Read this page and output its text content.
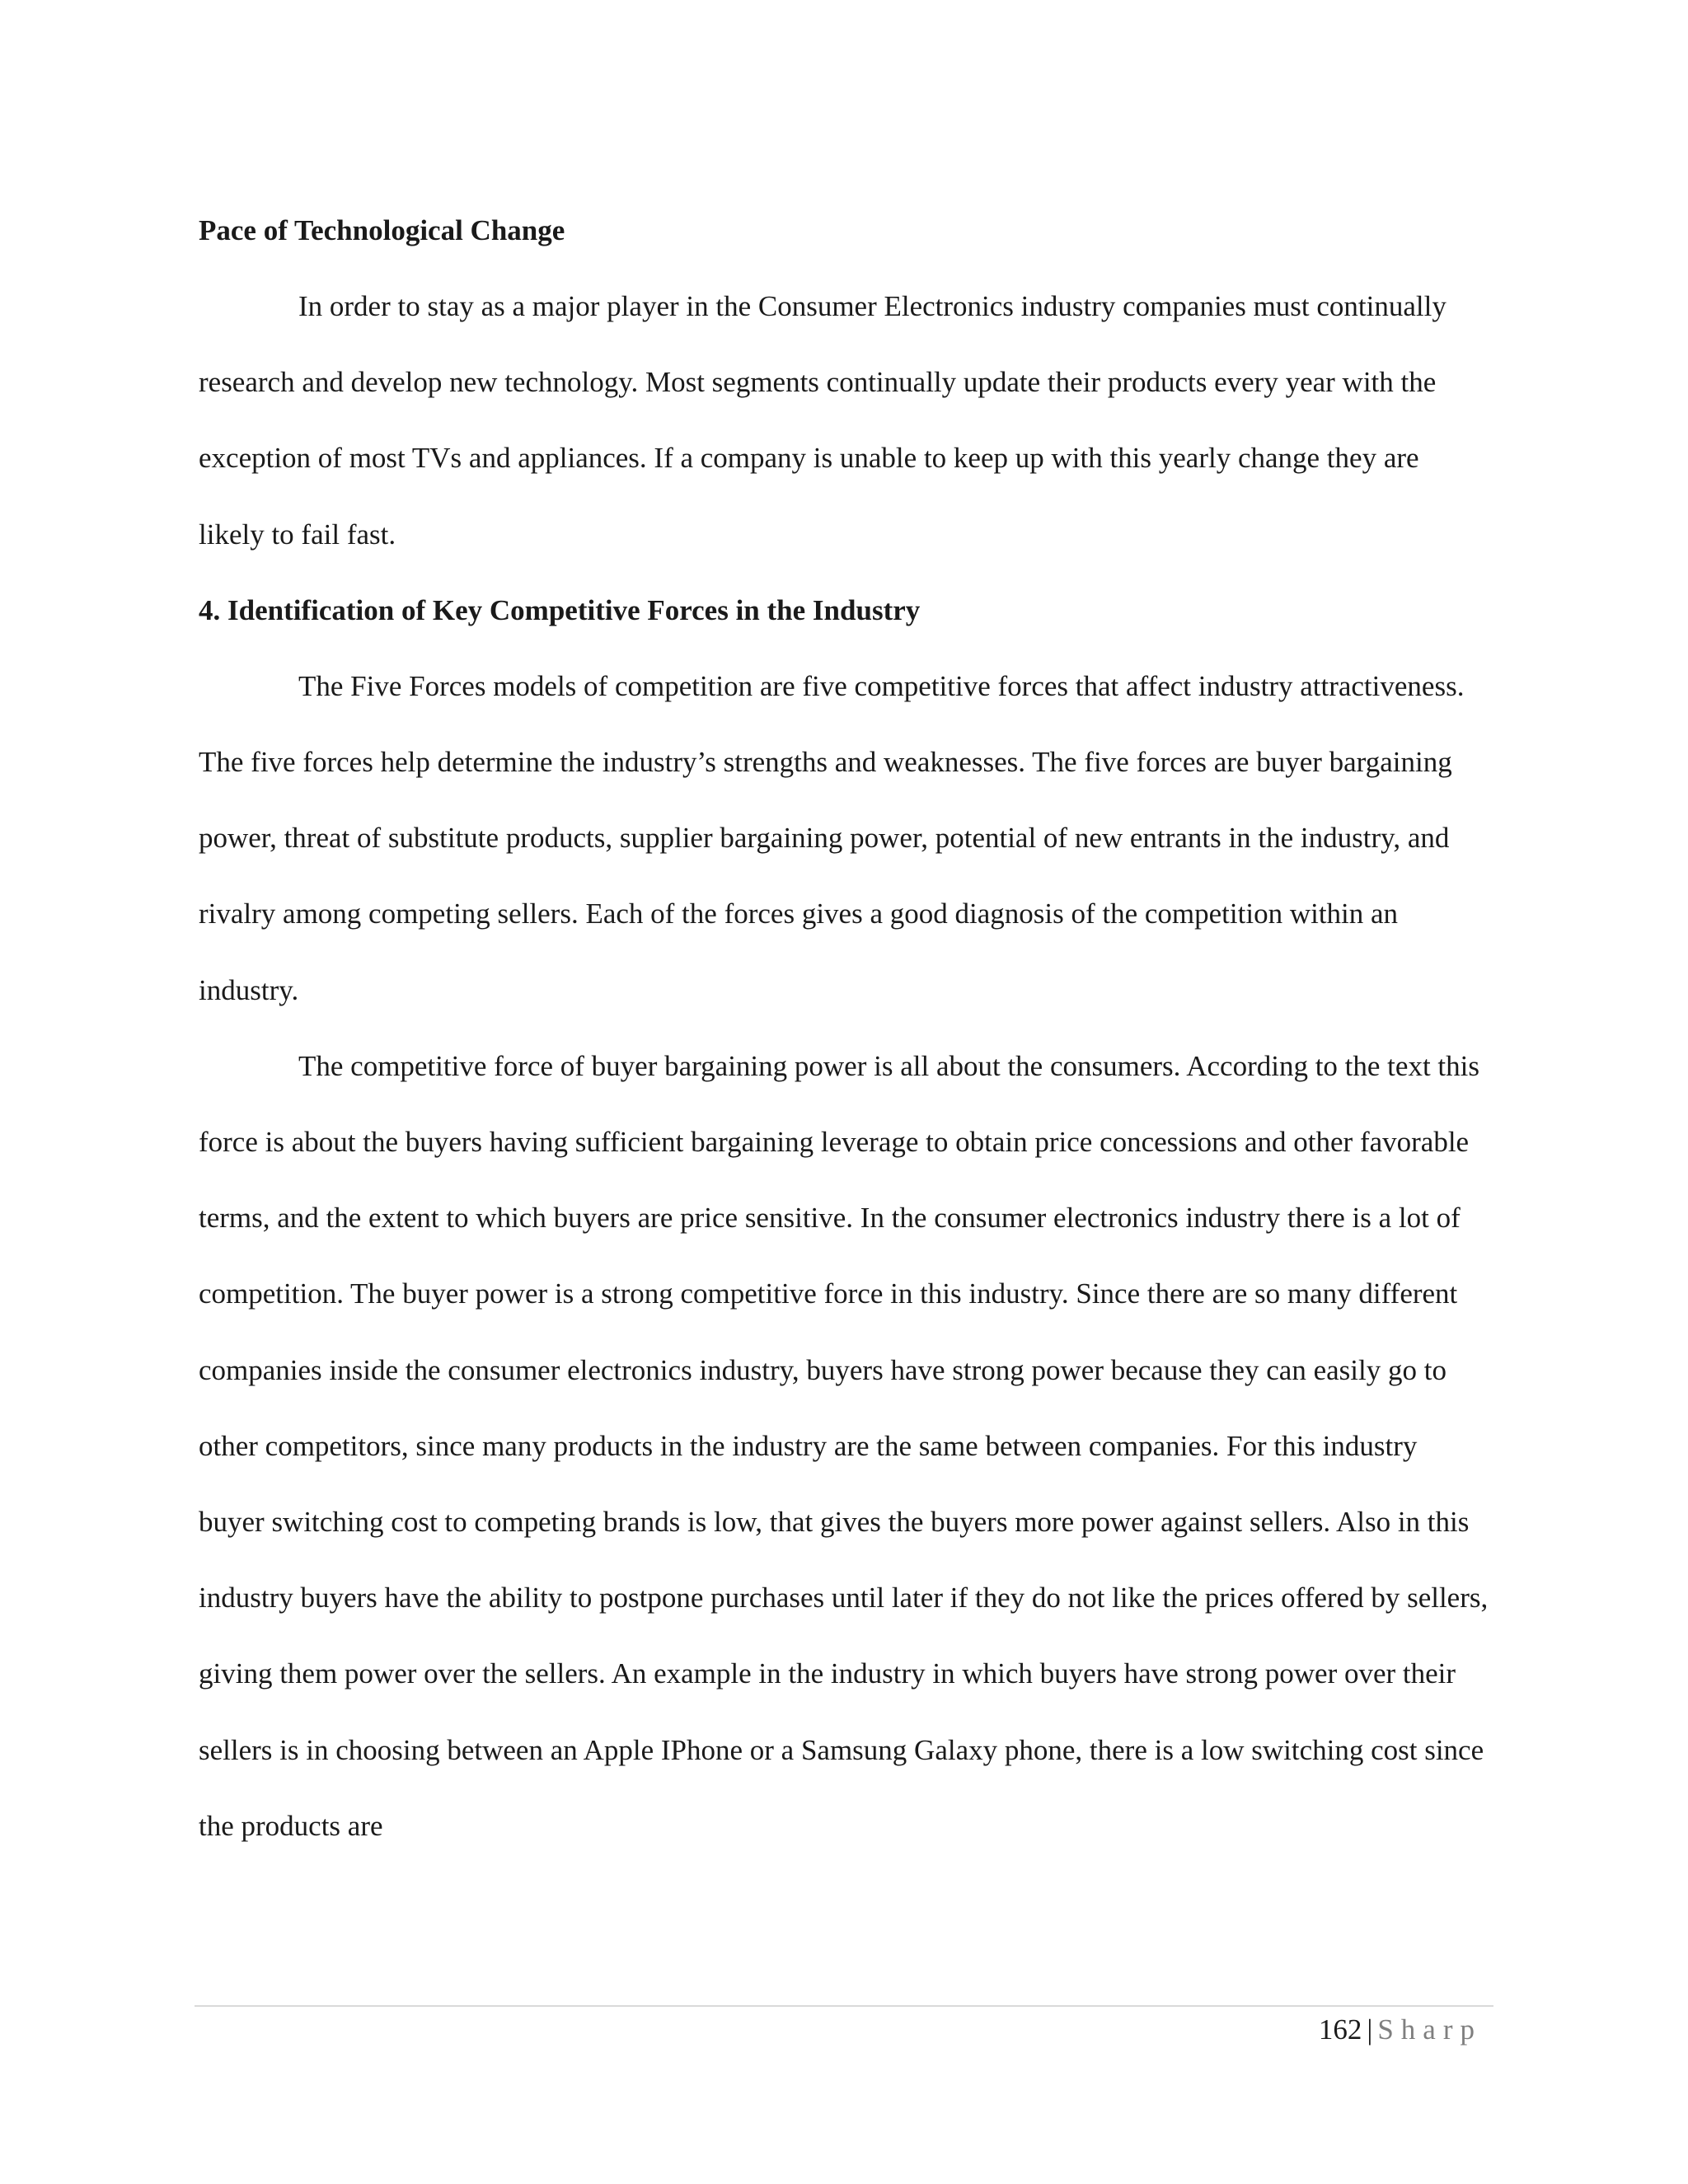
Pace of Technological Change

In order to stay as a major player in the Consumer Electronics industry companies must continually research and develop new technology. Most segments continually update their products every year with the exception of most TVs and appliances. If a company is unable to keep up with this yearly change they are likely to fail fast.

4. Identification of Key Competitive Forces in the Industry

The Five Forces models of competition are five competitive forces that affect industry attractiveness. The five forces help determine the industry’s strengths and weaknesses. The five forces are buyer bargaining power, threat of substitute products, supplier bargaining power, potential of new entrants in the industry, and rivalry among competing sellers. Each of the forces gives a good diagnosis of the competition within an industry.

The competitive force of buyer bargaining power is all about the consumers. According to the text this force is about the buyers having sufficient bargaining leverage to obtain price concessions and other favorable terms, and the extent to which buyers are price sensitive. In the consumer electronics industry there is a lot of competition. The buyer power is a strong competitive force in this industry. Since there are so many different companies inside the consumer electronics industry, buyers have strong power because they can easily go to other competitors, since many products in the industry are the same between companies. For this industry buyer switching cost to competing brands is low, that gives the buyers more power against sellers. Also in this industry buyers have the ability to postpone purchases until later if they do not like the prices offered by sellers, giving them power over the sellers. An example in the industry in which buyers have strong power over their sellers is in choosing between an Apple IPhone or a Samsung Galaxy phone, there is a low switching cost since the products are

162 | Sharp
